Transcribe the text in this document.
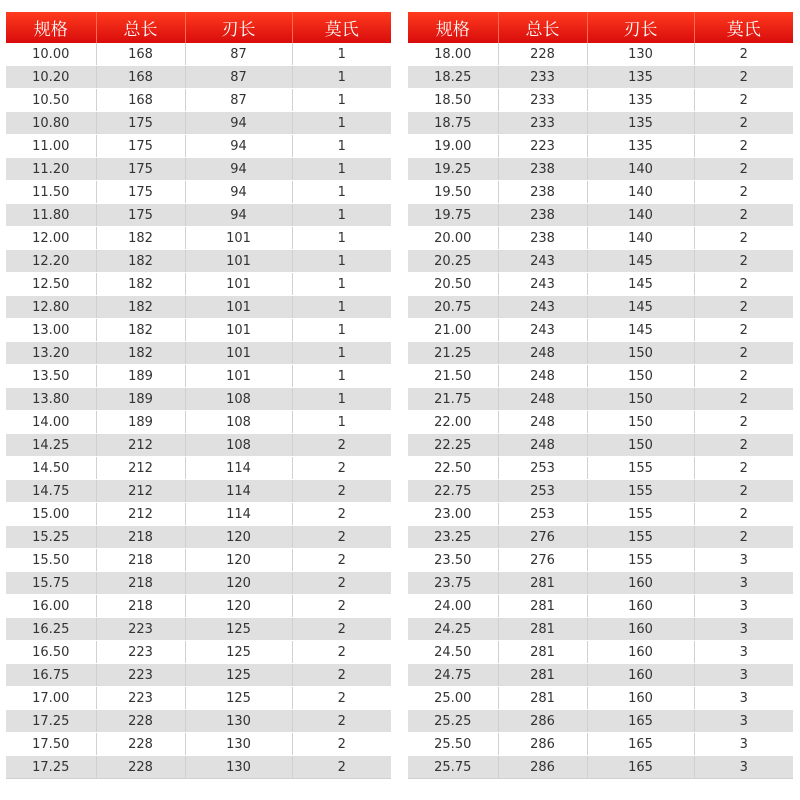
规格	总长	刃长	莫氏
10.00	168	87	1
10.20	168	87	1
10.50	168	87	1
10.80	175	94	1
11.00	175	94	1
11.20	175	94	1
11.50	175	94	1
11.80	175	94	1
12.00	182	101	1
12.20	182	101	1
12.50	182	101	1
12.80	182	101	1
13.00	182	101	1
13.20	182	101	1
13.50	189	101	1
13.80	189	108	1
14.00	189	108	1
14.25	212	108	2
14.50	212	114	2
14.75	212	114	2
15.00	212	114	2
15.25	218	120	2
15.50	218	120	2
15.75	218	120	2
16.00	218	120	2
16.25	223	125	2
16.50	223	125	2
16.75	223	125	2
17.00	223	125	2
17.25	228	130	2
17.50	228	130	2
17.25	228	130	2
规格	总长	刃长	莫氏
18.00	228	130	2
18.25	233	135	2
18.50	233	135	2
18.75	233	135	2
19.00	223	135	2
19.25	238	140	2
19.50	238	140	2
19.75	238	140	2
20.00	238	140	2
20.25	243	145	2
20.50	243	145	2
20.75	243	145	2
21.00	243	145	2
21.25	248	150	2
21.50	248	150	2
21.75	248	150	2
22.00	248	150	2
22.25	248	150	2
22.50	253	155	2
22.75	253	155	2
23.00	253	155	2
23.25	276	155	2
23.50	276	155	3
23.75	281	160	3
24.00	281	160	3
24.25	281	160	3
24.50	281	160	3
24.75	281	160	3
25.00	281	160	3
25.25	286	165	3
25.50	286	165	3
25.75	286	165	3
